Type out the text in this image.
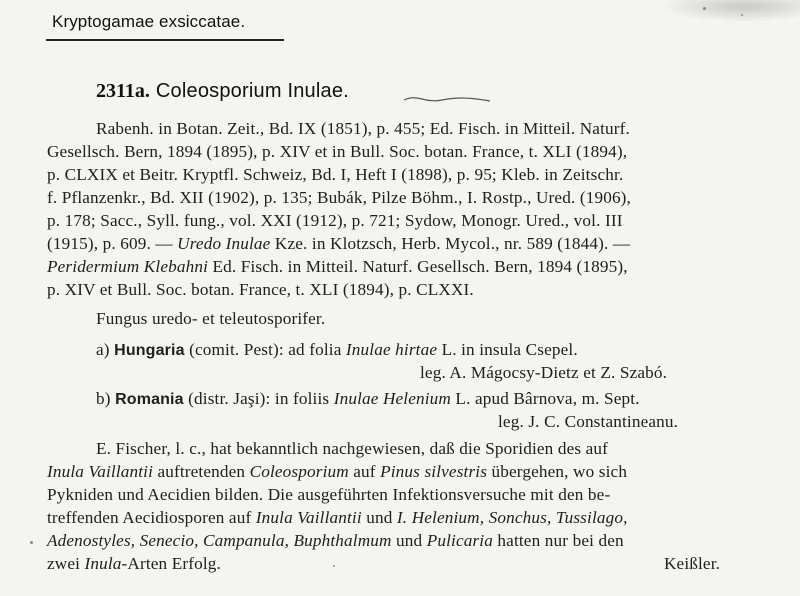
Kryptogamae exsiccatae.
2311a. Coleosporium Inulae.
Rabenh. in Botan. Zeit., Bd. IX (1851), p. 455; Ed. Fisch. in Mitteil. Naturf.
Gesellsch. Bern, 1894 (1895), p. XIV et in Bull. Soc. botan. France, t. XLI (1894),
p. CLXIX et Beitr. Kryptfl. Schweiz, Bd. I, Heft I (1898), p. 95; Kleb. in Zeitschr.
f. Pflanzenkr., Bd. XII (1902), p. 135; Bubák, Pilze Böhm., I. Rostp., Ured. (1906),
p. 178; Sacc., Syll. fung., vol. XXI (1912), p. 721; Sydow, Monogr. Ured., vol. III
(1915), p. 609. — Uredo Inulae Kze. in Klotzsch, Herb. Mycol., nr. 589 (1844). —
Peridermium Klebahni Ed. Fisch. in Mitteil. Naturf. Gesellsch. Bern, 1894 (1895),
p. XIV et Bull. Soc. botan. France, t. XLI (1894), p. CLXXI.
Fungus uredo- et teleutosporifer.
a) Hungaria (comit. Pest): ad folia Inulae hirtae L. in insula Csepel.
leg. A. Mágocsy-Dietz et Z. Szabó.
b) Romania (distr. Jaşi): in foliis Inulae Helenium L. apud Bârnova, m. Sept.
leg. J. C. Constantineanu.
E. Fischer, l. c., hat bekanntlich nachgewiesen, daß die Sporidien des auf
Inula Vaillantii auftretenden Coleosporium auf Pinus silvestris übergehen, wo sich
Pykniden und Aecidien bilden. Die ausgeführten Infektionsversuche mit den be-
treffenden Aecidiosporen auf Inula Vaillantii und I. Helenium, Sonchus, Tussilago,
Adenostyles, Senecio, Campanula, Buphthalmum und Pulicaria hatten nur bei den
zwei Inula-Arten Erfolg.	Keißler.
